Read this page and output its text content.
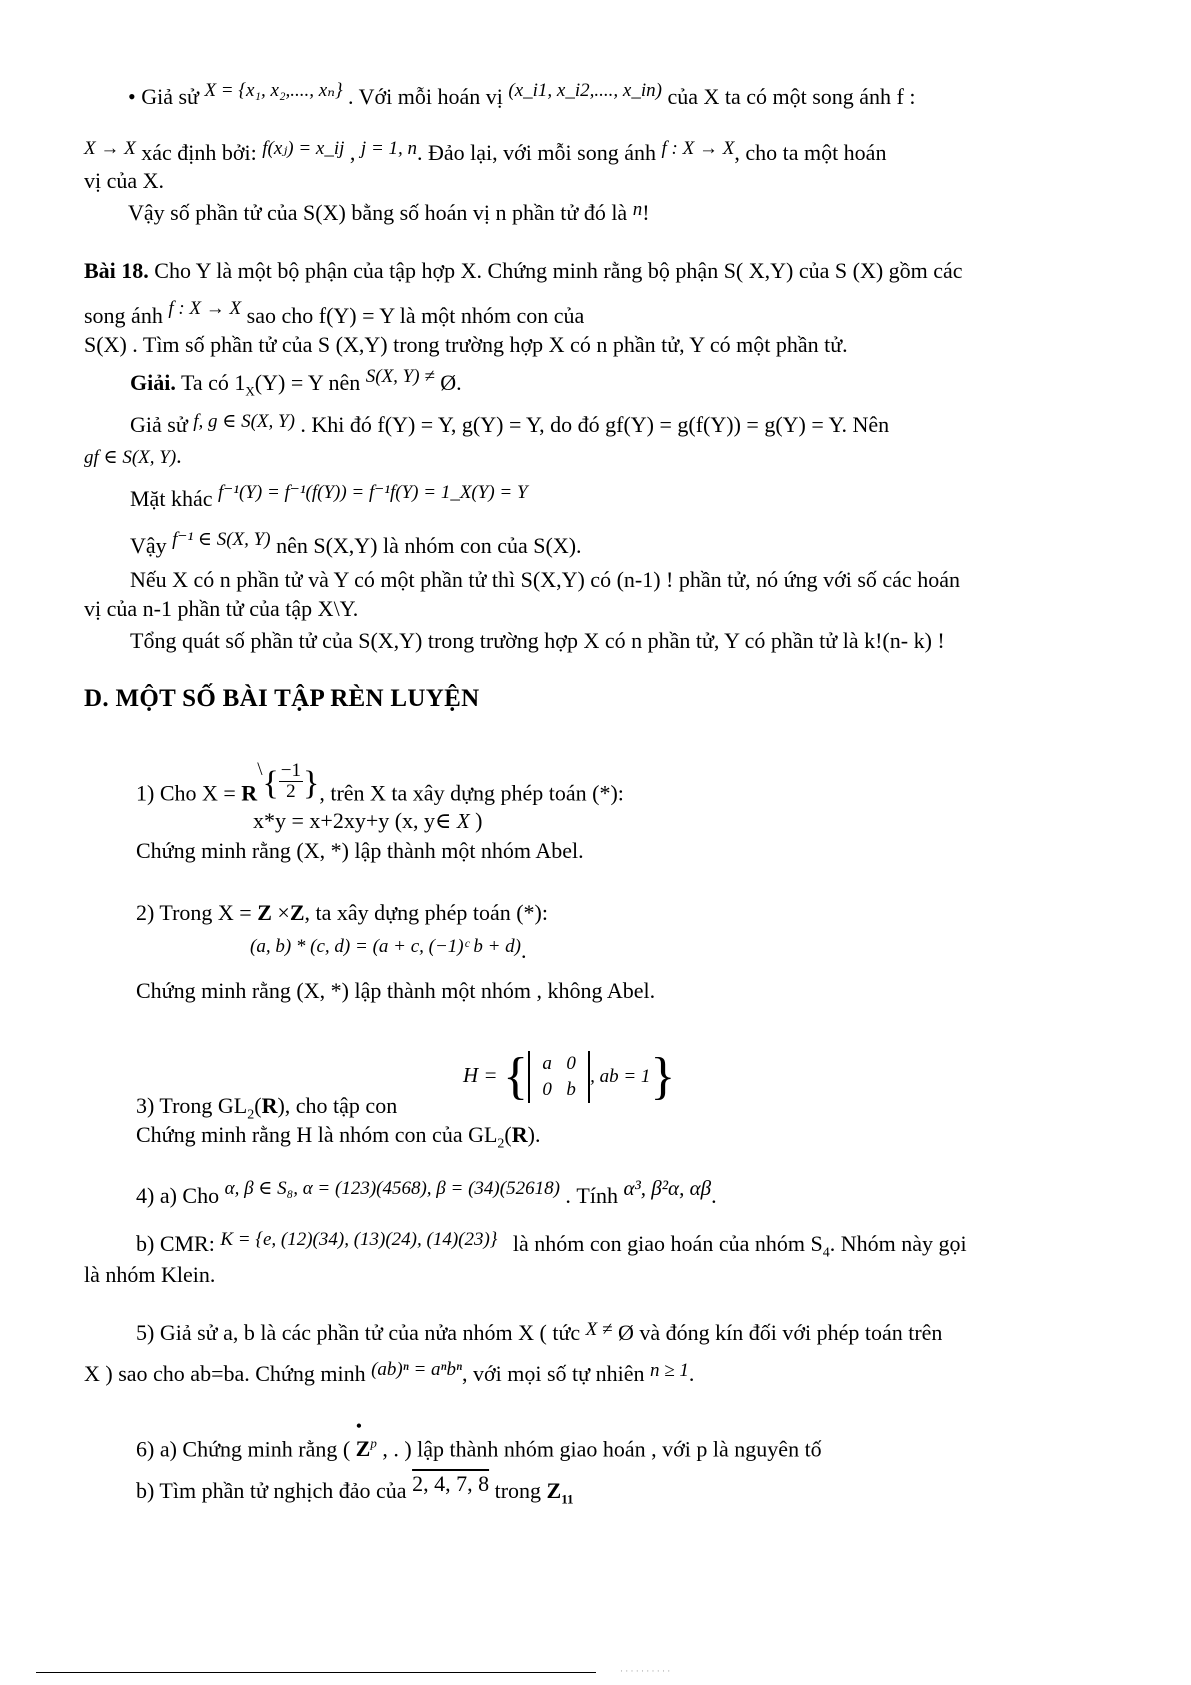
• Giả sử X = {x₁, x₂,...., xₙ} . Với mỗi hoán vị (x_i1, x_i2,...., x_in) của X ta có một song ánh f :
X → X xác định bởi: f(xⱼ) = x_ij , j = 1, n. Đảo lại, với mỗi song ánh f : X → X, cho ta một hoán
vị của X.
Vậy số phần tử của S(X) bằng số hoán vị n phần tử đó là n!
Bài 18. Cho Y là một bộ phận của tập hợp X. Chứng minh rằng bộ phận S( X,Y) của S (X) gồm các
song ánh f : X → X sao cho f(Y) = Y là một nhóm con của
S(X) . Tìm số phần tử của S (X,Y) trong trường hợp X có n phần tử, Y có một phần tử.
Giải. Ta có $1_X(Y) = Y$ nên S(X, Y) ≠ Ø.
Giả sử f, g ∈ S(X, Y) . Khi đó f(Y) = Y, g(Y) = Y, do đó gf(Y) = g(f(Y)) = g(Y) = Y. Nên
gf ∈ S(X, Y).
Mặt khác f⁻¹(Y) = f⁻¹(f(Y)) = f⁻¹f(Y) = 1_X(Y) = Y
Vậy f⁻¹ ∈ S(X, Y) nên S(X,Y) là nhóm con của S(X).
Nếu X có n phần tử và Y có một phần tử thì S(X,Y) có (n-1) ! phần tử, nó ứng với số các hoán
vị của n-1 phần tử của tập X\Y.
Tổng quát số phần tử của S(X,Y) trong trường hợp X có n phần tử, Y có phần tử là k!(n- k) !
D. MỘT SỐ BÀI TẬP RÈN LUYỆN
1) Cho X = R\{ $\frac{-1}{2}$ }, trên X ta xây dựng phép toán (*):
x*y = x+2xy+y (x, y∈ X )
Chứng minh rằng (X, *) lập thành một nhóm Abel.
2) Trong X = Z ×Z, ta xây dựng phép toán (*):
(a, b) * (c, d) = (a + c, (−1)ᶜ b + d).
Chứng minh rằng (X, *) lập thành một nhóm , không Abel.
H = { a 0
0 b, ab = 1}
3) Trong $GL_2(R)$, cho tập con
Chứng minh rằng H là nhóm con của $GL_2(R)$.
4) a) Cho α, β ∈ S₈, α = (123)(4568), β = (34)(52618) . Tính α³, β²α, αβ.
b) CMR: K = {e, (12)(34), (13)(24), (14)(23)} là nhóm con giao hoán của nhóm $S_4$. Nhóm này gọi
là nhóm Klein.
5) Giả sử a, b là các phần tử của nửa nhóm X ( tức X ≠ Ø và đóng kín đối với phép toán trên
X ) sao cho ab=ba. Chứng minh (ab)ⁿ = aⁿbⁿ, với mọi số tự nhiên n ≥ 1.
6) a) Chứng minh rằng ( Z
•
$^p$ , . ) lập thành nhóm giao hoán , với p là nguyên tố
b) Tìm phần tử nghịch đảo của 2, 4, 7, 8 trong $Z_{11}$
· · · · · · · · · ·
